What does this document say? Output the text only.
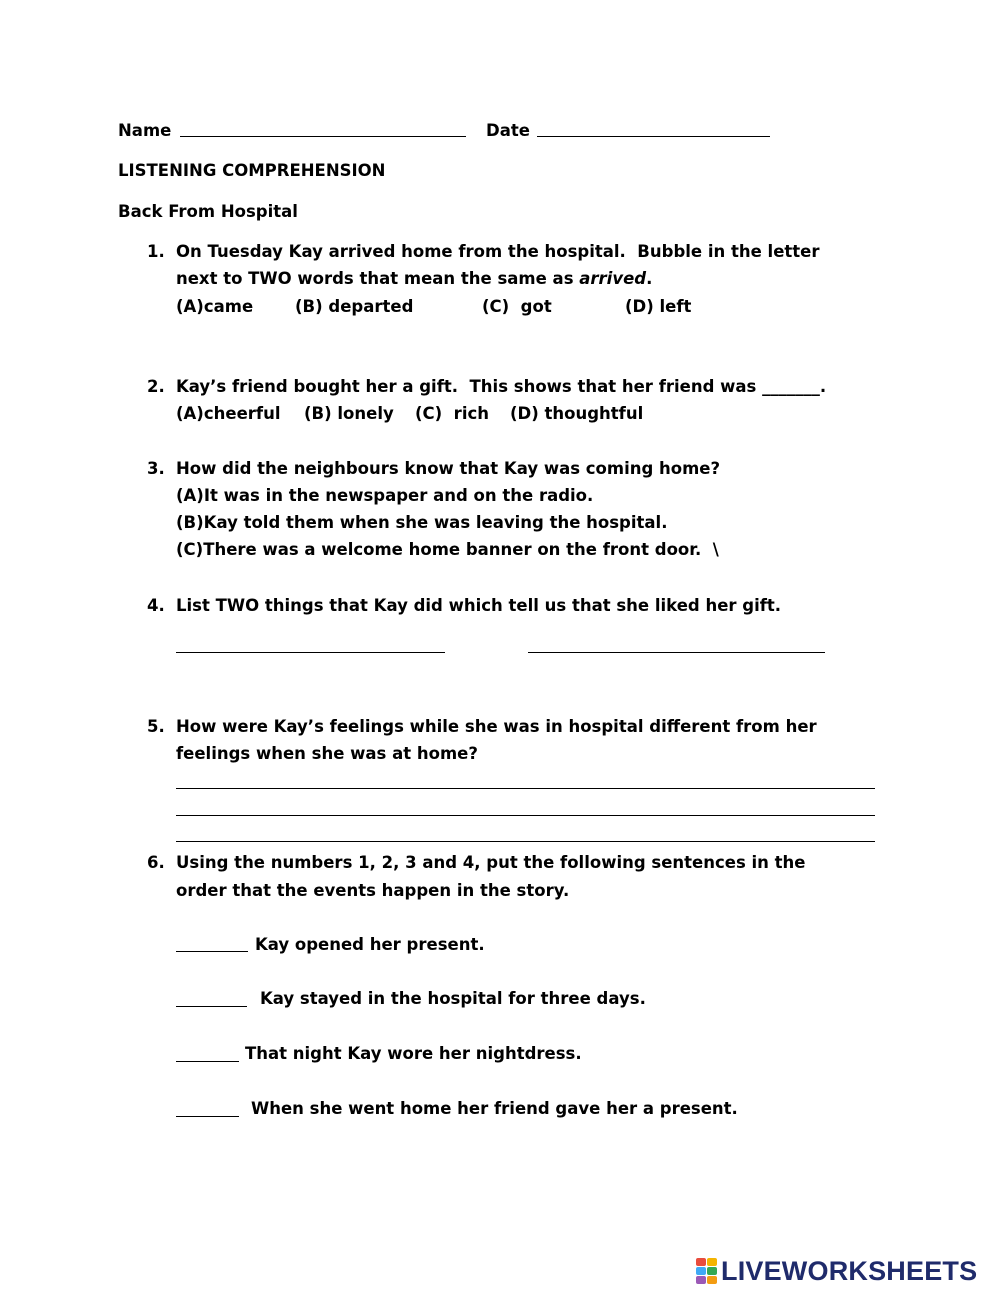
Name	Date
LISTENING COMPREHENSION
Back From Hospital
1. On Tuesday Kay arrived home from the hospital.  Bubble in the letter
next to TWO words that mean the same as arrived.
(A)came	(B) departed	(C)  got	(D) left
2. Kay’s friend bought her a gift.  This shows that her friend was _______.
(A)cheerful (B) lonely (C)  rich (D) thoughtful
3. How did the neighbours know that Kay was coming home?
(A)It was in the newspaper and on the radio.
(B)Kay told them when she was leaving the hospital.
(C)There was a welcome home banner on the front door.  \
4. List TWO things that Kay did which tell us that she liked her gift.
5. How were Kay’s feelings while she was in hospital different from her
feelings when she was at home?
6. Using the numbers 1, 2, 3 and 4, put the following sentences in the
order that the events happen in the story.
Kay opened her present.
Kay stayed in the hospital for three days.
That night Kay wore her nightdress.
When she went home her friend gave her a present.
LIVEWORKSHEETS
